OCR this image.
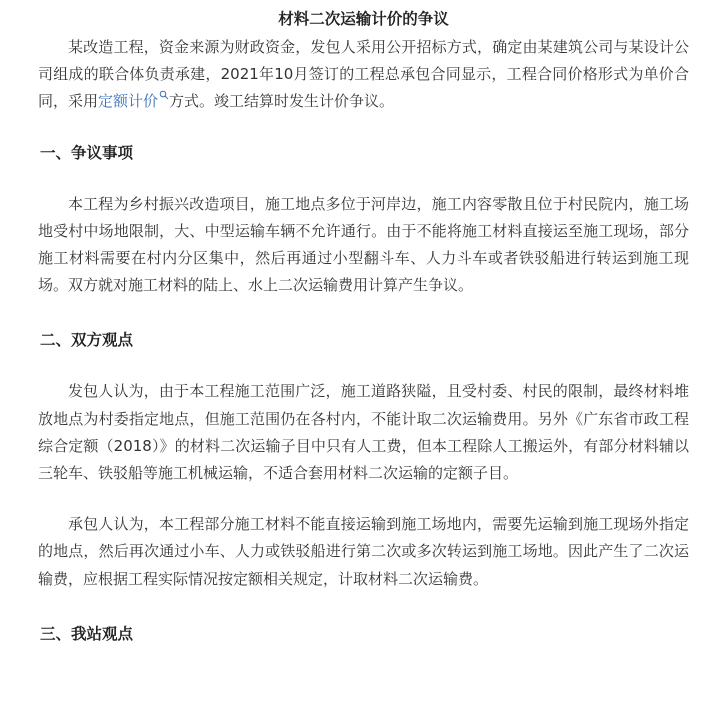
材料二次运输计价的争议

某改造工程，资金来源为财政资金，发包人采用公开招标方式，确定由某建筑公司与某设计公司组成的联合体负责承建，2021年10月签订的工程总承包合同显示，工程合同价格形式为单价合同，采用定额计价 方式。竣工结算时发生计价争议。

一、争议事项

本工程为乡村振兴改造项目，施工地点多位于河岸边，施工内容零散且位于村民院内，施工场地受村中场地限制，大、中型运输车辆不允许通行。由于不能将施工材料直接运至施工现场，部分施工材料需要在村内分区集中，然后再通过小型翻斗车、人力斗车或者铁驳船进行转运到施工现场。双方就对施工材料的陆上、水上二次运输费用计算产生争议。

二、双方观点

发包人认为，由于本工程施工范围广泛，施工道路狭隘，且受村委、村民的限制，最终材料堆放地点为村委指定地点，但施工范围仍在各村内，不能计取二次运输费用。另外《广东省市政工程综合定额（2018）》的材料二次运输子目中只有人工费，但本工程除人工搬运外，有部分材料辅以三轮车、铁驳船等施工机械运输，不适合套用材料二次运输的定额子目。

承包人认为，本工程部分施工材料不能直接运输到施工场地内，需要先运输到施工现场外指定的地点，然后再次通过小车、人力或铁驳船进行第二次或多次转运到施工场地。因此产生了二次运输费，应根据工程实际情况按定额相关规定，计取材料二次运输费。

三、我站观点
